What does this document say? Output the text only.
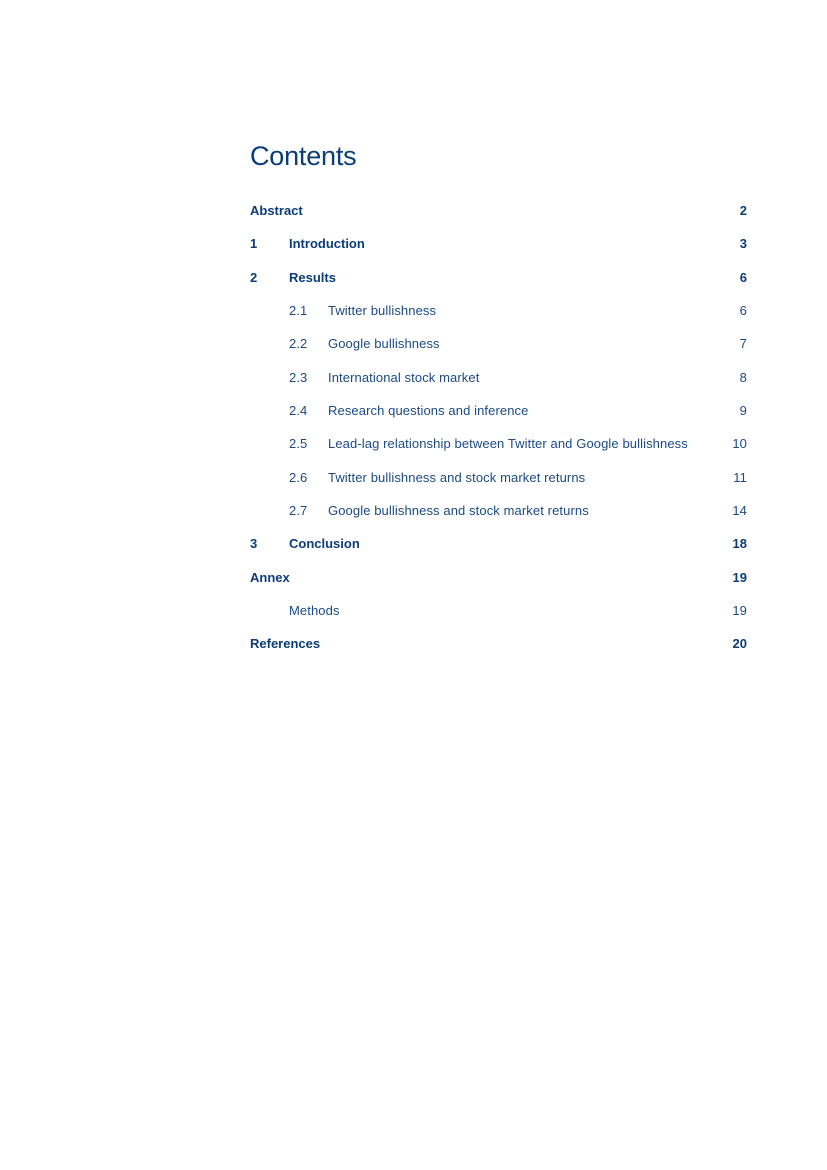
Contents
Abstract	2
1 Introduction	3
2 Results	6
2.1 Twitter bullishness	6
2.2 Google bullishness	7
2.3 International stock market	8
2.4 Research questions and inference	9
2.5 Lead-lag relationship between Twitter and Google bullishness	10
2.6 Twitter bullishness and stock market returns	11
2.7 Google bullishness and stock market returns	14
3 Conclusion	18
Annex	19
Methods	19
References	20
